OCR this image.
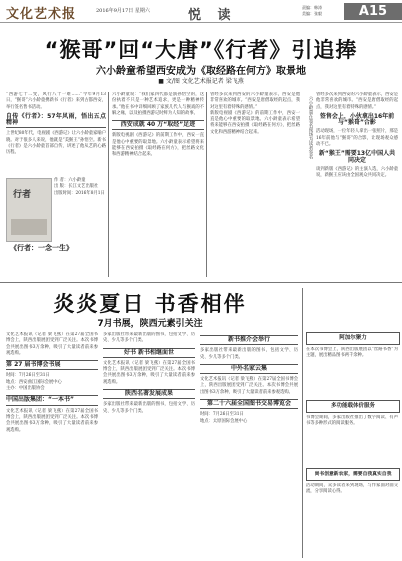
文化艺术报	2016年9月17日 星期六	悦 读
责编：韩涛
美编：张毅	A15
“猴哥”回“大唐”《行者》引追捧
六小龄童希望西安成为《取经路在何方》取景地
■ 文/图 文化艺术报记者 梁飞燕
“西游七十二变，风行八十一难……”今年9月13日，“猴哥”六小龄童携新书《行者》来到古都西安，举行签名售书活动。
自传《行者》：57年风雨，悟出五点精神
上世纪80年代，电视剧《西游记》让六小龄童家喻户晓。对于很多人来说，他就是“美猴王”孙悟空。新书《行者》是六小龄童首部自传，讲述了他从艺的心路历程。
行者
作 者：六小龄童
出 版：长江文艺出版社
出版时间：2016年8月1日
《行者：一念一生》
六小龄童说：“我们家四代都是演孙悟空的，这份执着不只是一种艺术追求，更是一种精神传承。”他在书中详细回顾了家族几代人与猴戏的不解之缘，以及拍摄西游记时鲜为人知的故事。
西安成就 40 万“取经”足迹
新版电视剧《西游记》的前期工作中，西安一直是他心中重要的取景地。六小龄童表示希望将来能够在西安拍摄《取经路在何方》，把丝路文化和西游精神结合起来。
曾经多次来到西安的六小龄童表示，西安是他非常喜欢的城市。“西安是唐僧取经的起点，我对这里有着特殊的感情。”
新版电视剧《西游记》的前期工作中，西安一直是他心中重要的取景地。六小龄童表示希望将来能够在西安拍摄《取经路在何方》，把丝路文化和西游精神结合起来。	六小龄童在签名现场为读者签名
曾经多次来到西安的六小龄童表示，西安是他非常喜欢的城市。“西安是唐僧取经的起点，我对这里有着特殊的感情。”
签售会上，小伙拿出16年前与“猴哥”合影
活动现场，一位年轻人拿出一张照片，那是16年前他与“猴哥”的合影，让现场观众感动不已。
新“猴王”需要13亿中国人共同决定
谈到新版《西游记》的主演人选，六小龄童说，新猴王应该由全国观众共同决定。
炎炎夏日 书香相伴
7月书展，陕西元素引关注
文化艺术报讯（记者 梁飞燕）在第27届全国书博会上，陕西出版展团受到广泛关注。本次书博会共展出图书3万余种，吸引了大量读者前来参观选购。
第 27 届书博会书展
时间：7月26日至31日
地点：西安曲江国际会展中心
主办：中国出版协会
中国出版集团：“一本书”
文化艺术报讯（记者 梁飞燕）在第27届全国书博会上，陕西出版展团受到广泛关注。本次书博会共展出图书3万余种，吸引了大量读者前来参观选购。
多家出版社带来最新出版的图书，包括文学、历史、少儿等多个门类。
好书 新书相继面世
文化艺术报讯（记者 梁飞燕）在第27届全国书博会上，陕西出版展团受到广泛关注。本次书博会共展出图书3万余种，吸引了大量读者前来参观选购。
陕西名著发展成果
多家出版社带来最新出版的图书，包括文学、历史、少儿等多个门类。
新书推介会举行
多家出版社带来最新出版的图书，包括文学、历史、少儿等多个门类。
中外名家云集
文化艺术报讯（记者 梁飞燕）在第27届全国书博会上，陕西出版展团受到广泛关注。本次书博会共展出图书3万余种，吸引了大量读者前来参观选购。
第二十六届全国图书交易博览会
时间：7月26日至31日
地点：太原国际会展中心
阿加尔聚力
在本次书博会上，陕西出版展团以“丝路书香”为主题，展出精品图书两千余种。
多功能载体价服务
书博会期间，多家出版社推出了数字阅读、有声书等多种形式的阅读服务。
尚书创意新农家，需要自我真实自我
活动期间，众多读者来到现场，与作家面对面交流，分享阅读心得。
